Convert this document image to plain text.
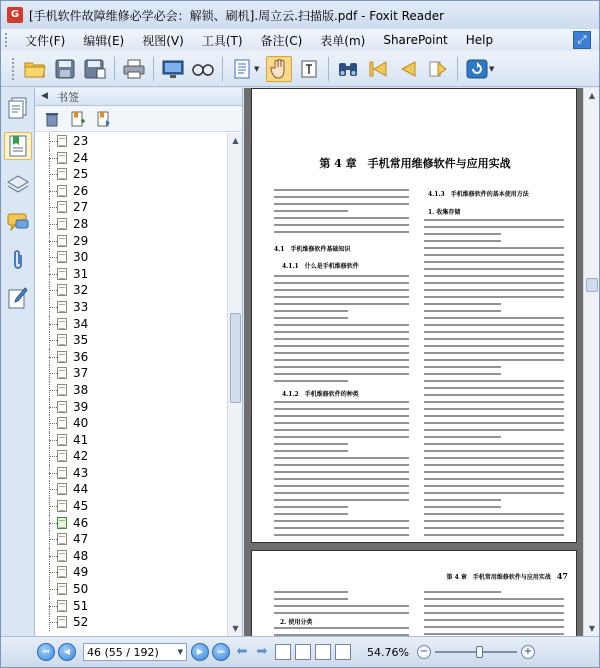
G [手机软件故障维修必学必会：解锁、刷机].周立云.扫描版.pdf - Foxit Reader
文件(F)	编辑(E)	视图(V)	工具(T)	备注(C)	表单(m)	SharePoint	Help	⤢
▼	▼
◀ 书签
23
24
25
26
27
28
29
30
31
32
33
34
35
36
37
38
39
40
41
42
43
44
45
46
47
48
49
50
51
52
▲
▼
第 4 章　手机常用维修软件与应用实战
4.1　手机维修软件基础知识
4.1.1　什么是手机维修软件
4.1.2　手机维修软件的种类
4.1.3　手机维修软件的基本使用方法
1. 收集存储
第 4 章　手机常用维修软件与应用实战 47
2. 使用分类
▲
▼
⏮	◀	46 (55 / 192)	▼	▶	⏭ ⬅ ➡	54.76%	−	+
